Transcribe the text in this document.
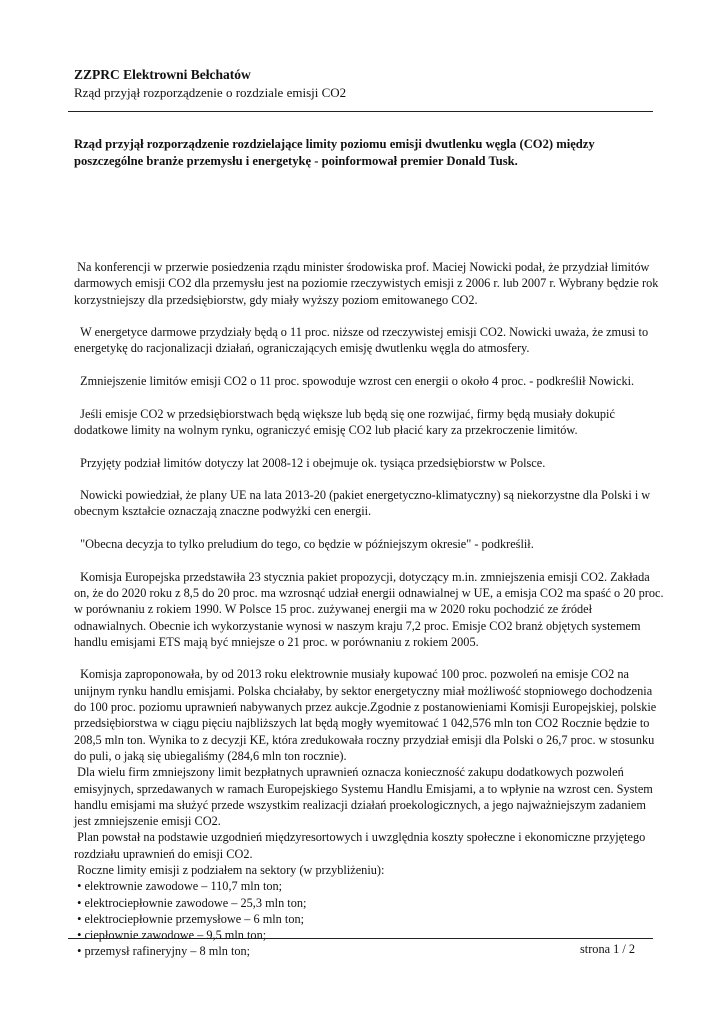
ZZPRC Elektrowni Bełchatów
Rząd przyjął rozporządzenie o rozdziale emisji CO2

Rząd przyjął rozporządzenie rozdzielające limity poziomu emisji dwutlenku węgla (CO2) między poszczególne branże przemysłu i energetykę - poinformował premier Donald Tusk.

Na konferencji w przerwie posiedzenia rządu minister środowiska prof. Maciej Nowicki podał, że przydział limitów darmowych emisji CO2 dla przemysłu jest na poziomie rzeczywistych emisji z 2006 r. lub 2007 r. Wybrany będzie rok korzystniejszy dla przedsiębiorstw, gdy miały wyższy poziom emitowanego CO2.

W energetyce darmowe przydziały będą o 11 proc. niższe od rzeczywistej emisji CO2. Nowicki uważa, że zmusi to energetykę do racjonalizacji działań, ograniczających emisję dwutlenku węgla do atmosfery.

Zmniejszenie limitów emisji CO2 o 11 proc. spowoduje wzrost cen energii o około 4 proc. - podkreślił Nowicki.

Jeśli emisje CO2 w przedsiębiorstwach będą większe lub będą się one rozwijać, firmy będą musiały dokupić dodatkowe limity na wolnym rynku, ograniczyć emisję CO2 lub płacić kary za przekroczenie limitów.

Przyjęty podział limitów dotyczy lat 2008-12 i obejmuje ok. tysiąca przedsiębiorstw w Polsce.

Nowicki powiedział, że plany UE na lata 2013-20 (pakiet energetyczno-klimatyczny) są niekorzystne dla Polski i w obecnym kształcie oznaczają znaczne podwyżki cen energii.

"Obecna decyzja to tylko preludium do tego, co będzie w późniejszym okresie" - podkreślił.

Komisja Europejska przedstawiła 23 stycznia pakiet propozycji, dotyczący m.in. zmniejszenia emisji CO2. Zakłada on, że do 2020 roku z 8,5 do 20 proc. ma wzrosnąć udział energii odnawialnej w UE, a emisja CO2 ma spaść o 20 proc. w porównaniu z rokiem 1990. W Polsce 15 proc. zużywanej energii ma w 2020 roku pochodzić ze źródeł odnawialnych. Obecnie ich wykorzystanie wynosi w naszym kraju 7,2 proc. Emisje CO2 branż objętych systemem handlu emisjami ETS mają być mniejsze o 21 proc. w porównaniu z rokiem 2005.

Komisja zaproponowała, by od 2013 roku elektrownie musiały kupować 100 proc. pozwoleń na emisje CO2 na unijnym rynku handlu emisjami. Polska chciałaby, by sektor energetyczny miał możliwość stopniowego dochodzenia do 100 proc. poziomu uprawnień nabywanych przez aukcje.Zgodnie z postanowieniami Komisji Europejskiej, polskie przedsiębiorstwa w ciągu pięciu najbliższych lat będą mogły wyemitować 1 042,576 mln ton CO2 Rocznie będzie to 208,5 mln ton. Wynika to z decyzji KE, która zredukowała roczny przydział emisji dla Polski o 26,7 proc. w stosunku do puli, o jaką się ubiegaliśmy (284,6 mln ton rocznie).

Dla wielu firm zmniejszony limit bezpłatnych uprawnień oznacza konieczność zakupu dodatkowych pozwoleń emisyjnych, sprzedawanych w ramach Europejskiego Systemu Handlu Emisjami, a to wpłynie na wzrost cen. System handlu emisjami ma służyć przede wszystkim realizacji działań proekologicznych, a jego najważniejszym zadaniem jest zmniejszenie emisji CO2.

Plan powstał na podstawie uzgodnień międzyresortowych i uwzględnia koszty społeczne i ekonomiczne przyjętego rozdziału uprawnień do emisji CO2.

Roczne limity emisji z podziałem na sektory (w przybliżeniu):

• elektrownie zawodowe – 110,7 mln ton;
• elektrociepłownie zawodowe – 25,3 mln ton;
• elektrociepłownie przemysłowe – 6 mln ton;
• ciepłownie zawodowe – 9,5 mln ton;
• przemysł rafineryjny – 8 mln ton;	strona 1 / 2
